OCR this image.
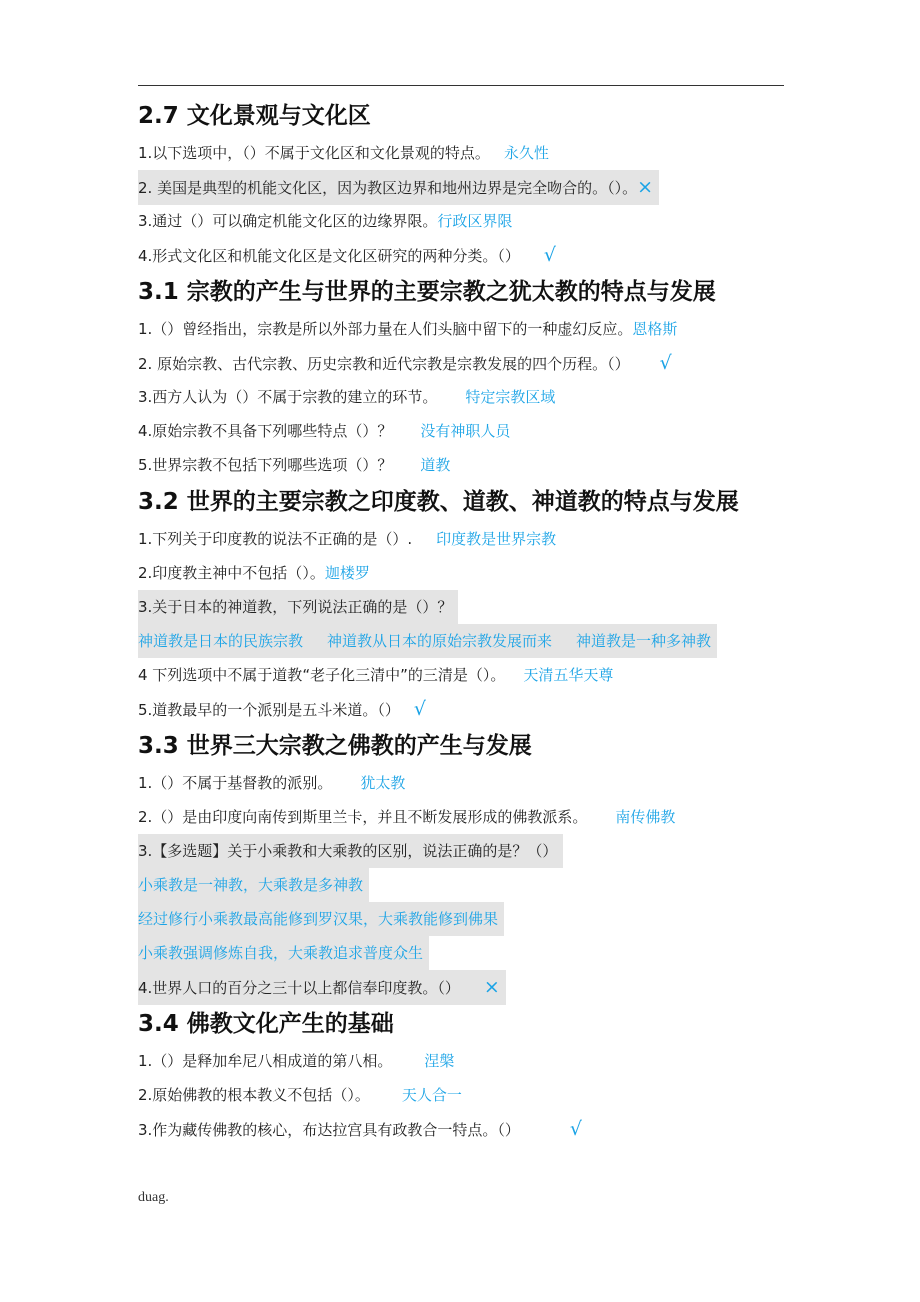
2.7 文化景观与文化区
1.以下选项中，（）不属于文化区和文化景观的特点。 永久性
2. 美国是典型的机能文化区，因为教区边界和地州边界是完全吻合的。（）。×
3.通过（）可以确定机能文化区的边缘界限。行政区界限
4.形式文化区和机能文化区是文化区研究的两种分类。（） √
3.1 宗教的产生与世界的主要宗教之犹太教的特点与发展
1.（）曾经指出，宗教是所以外部力量在人们头脑中留下的一种虚幻反应。恩格斯
2. 原始宗教、古代宗教、历史宗教和近代宗教是宗教发展的四个历程。（） √
3.西方人认为（）不属于宗教的建立的环节。 特定宗教区域
4.原始宗教不具备下列哪些特点（）？ 没有神职人员
5.世界宗教不包括下列哪些选项（）？ 道教
3.2 世界的主要宗教之印度教、道教、神道教的特点与发展
1.下列关于印度教的说法不正确的是（）. 印度教是世界宗教
2.印度教主神中不包括（）。迦楼罗
3.关于日本的神道教，下列说法正确的是（）？
神道教是日本的民族宗教 神道教从日本的原始宗教发展而来 神道教是一种多神教
4 下列选项中不属于道教“老子化三清中”的三清是（）。 天清五华天尊
5.道教最早的一个派别是五斗米道。（） √
3.3 世界三大宗教之佛教的产生与发展
1.（）不属于基督教的派别。 犹太教
2.（）是由印度向南传到斯里兰卡，并且不断发展形成的佛教派系。 南传佛教
3.【多选题】关于小乘教和大乘教的区别，说法正确的是？（）
小乘教是一神教，大乘教是多神教
经过修行小乘教最高能修到罗汉果，大乘教能修到佛果
小乘教强调修炼自我，大乘教追求普度众生
4.世界人口的百分之三十以上都信奉印度教。（） ×
3.4 佛教文化产生的基础
1.（）是释加牟尼八相成道的第八相。 涅槃
2.原始佛教的根本教义不包括（）。 天人合一
3.作为藏传佛教的核心，布达拉宫具有政教合一特点。（）	√
duag.
